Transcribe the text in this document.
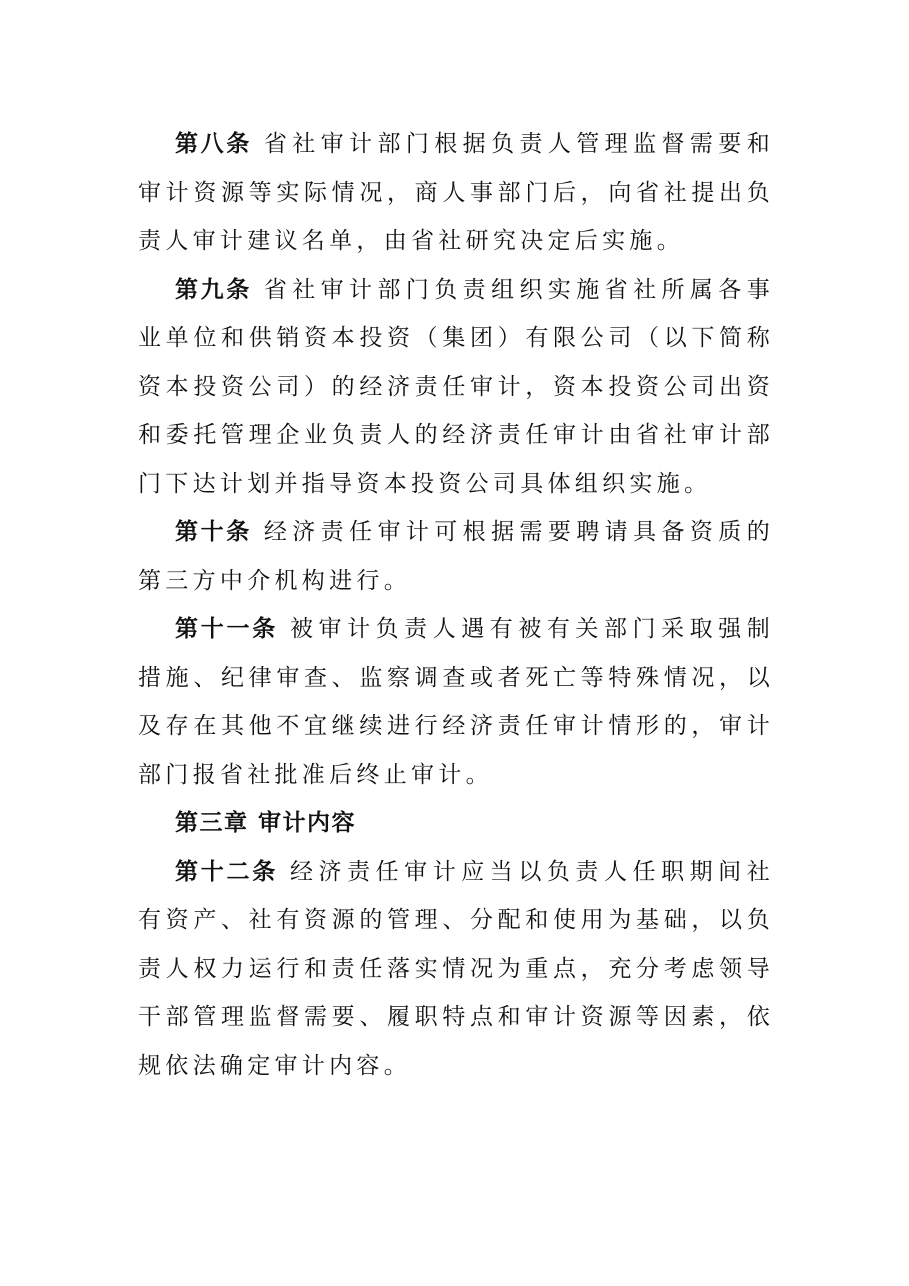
第八条 省社审计部门根据负责人管理监督需要和审计资源等实际情况，商人事部门后，向省社提出负责人审计建议名单，由省社研究决定后实施。

第九条 省社审计部门负责组织实施省社所属各事业单位和供销资本投资（集团）有限公司（以下简称资本投资公司）的经济责任审计，资本投资公司出资和委托管理企业负责人的经济责任审计由省社审计部门下达计划并指导资本投资公司具体组织实施。

第十条 经济责任审计可根据需要聘请具备资质的第三方中介机构进行。

第十一条 被审计负责人遇有被有关部门采取强制措施、纪律审查、监察调查或者死亡等特殊情况，以及存在其他不宜继续进行经济责任审计情形的，审计部门报省社批准后终止审计。

第三章 审计内容

第十二条 经济责任审计应当以负责人任职期间社有资产、社有资源的管理、分配和使用为基础，以负责人权力运行和责任落实情况为重点，充分考虑领导干部管理监督需要、履职特点和审计资源等因素，依规依法确定审计内容。
